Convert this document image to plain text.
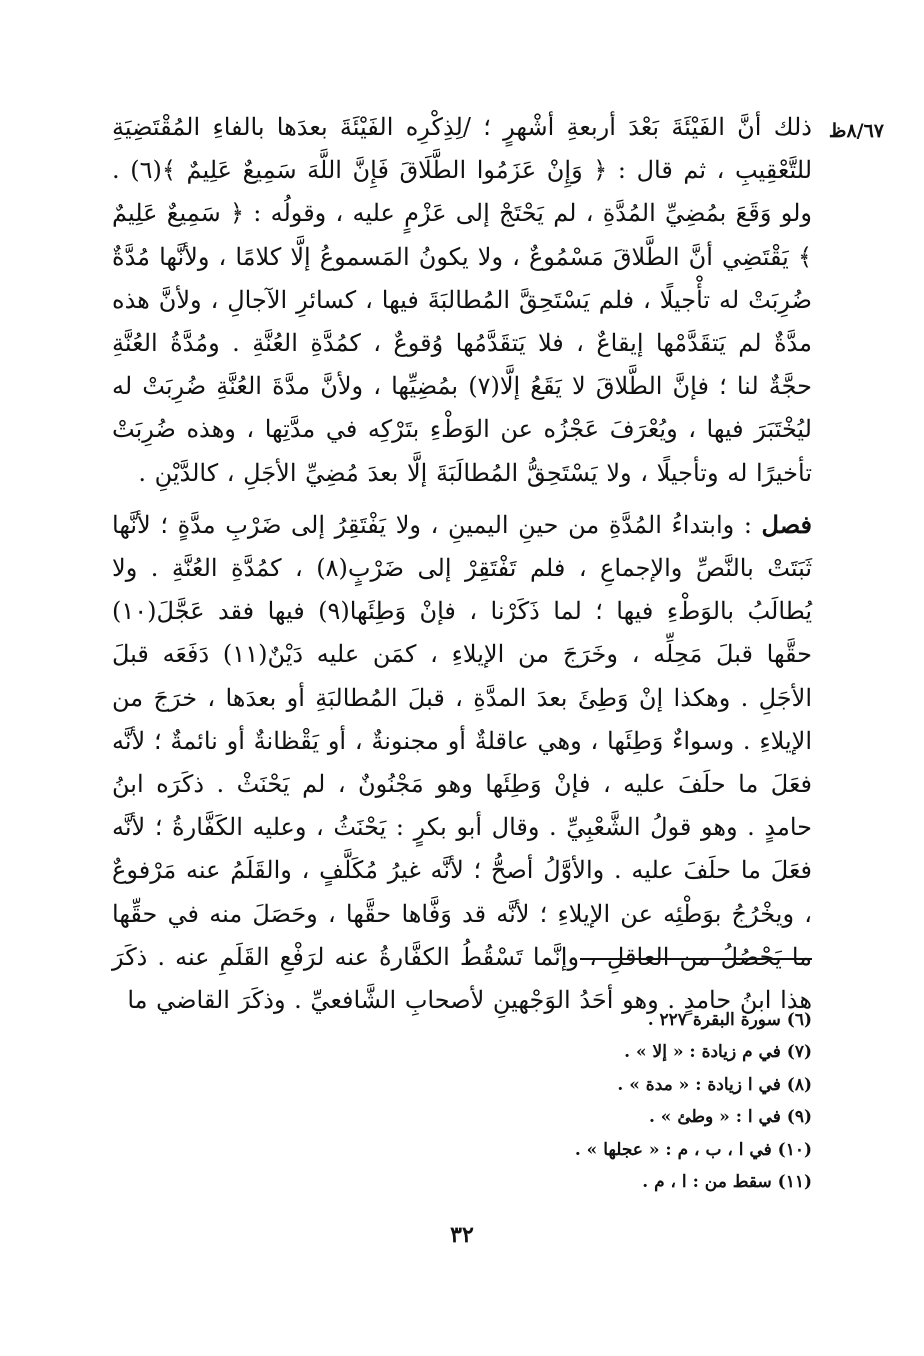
٨/٦٧ظ

ذلك أنَّ الفَيْئَةَ بَعْدَ أربعةِ أشْهرٍ ؛ /لِذِكْرِه الفَيْئَةَ بعدَها بالفاءِ المُقْتَضِيَةِ للتَّعْقِيبِ ، ثم قال : ﴿ وَإِنْ عَزَمُوا الطَّلَاقَ فَإِنَّ اللَّهَ سَمِيعٌ عَلِيمٌ ﴾(٦) . ولو وَقَعَ بمُضِيِّ المُدَّةِ ، لم يَحْتَجْ إلى عَزْمٍ عليه ، وقولُه : ﴿ سَمِيعٌ عَلِيمٌ ﴾ يَقْتَضِي أنَّ الطَّلاقَ مَسْمُوعٌ ، ولا يكونُ المَسموعُ إلَّا كلامًا ، ولأنَّها مُدَّةٌ ضُرِبَتْ له تأْجيلًا ، فلم يَسْتَحِقَّ المُطالبَةَ فيها ، كسائرِ الآجالِ ، ولأنَّ هذه مدَّةٌ لم يَتقَدَّمْها إيقاعٌ ، فلا يَتقَدَّمُها وُقوعٌ ، كمُدَّةِ العُنَّةِ . ومُدَّةُ العُنَّةِ حجَّةٌ لنا ؛ فإنَّ الطَّلاقَ لا يَقَعُ إلَّا(٧) بمُضِيِّها ، ولأنَّ مدَّةَ العُنَّةِ ضُرِبَتْ له ليُخْتَبَرَ فيها ، ويُعْرَفَ عَجْزُه عن الوَطْءِ بتَرْكِه في مدَّتِها ، وهذه ضُرِبَتْ تأخيرًا له وتأجيلًا ، ولا يَسْتَحِقُّ المُطالَبَةَ إلَّا بعدَ مُضِيِّ الأجَلِ ، كالدَّيْنِ .

فصل : وابتداءُ المُدَّةِ من حينِ اليمينِ ، ولا يَفْتَقِرُ إلى ضَرْبِ مدَّةٍ ؛ لأنَّها ثَبَتَتْ بالنَّصِّ والإجماعِ ، فلم تَفْتَقِرْ إلى ضَرْبٍ(٨) ، كمُدَّةِ العُنَّةِ . ولا يُطالَبُ بالوَطْءِ فيها ؛ لما ذَكَرْنا ، فإنْ وَطِئَها(٩) فيها فقد عَجَّلَ(١٠) حقَّها قبلَ مَحِلِّه ، وخَرَجَ من الإيلاءِ ، كمَن عليه دَيْنٌ(١١) دَفَعَه قبلَ الأجَلِ . وهكذا إنْ وَطِئَ بعدَ المدَّةِ ، قبلَ المُطالبَةِ أو بعدَها ، خرَجَ من الإيلاءِ . وسواءٌ وَطِئَها ، وهي عاقلةٌ أو مجنونةٌ ، أو يَقْظانةٌ أو نائمةٌ ؛ لأنَّه فعَلَ ما حلَفَ عليه ، فإنْ وَطِئَها وهو مَجْنُونٌ ، لم يَحْنَثْ . ذكَرَه ابنُ حامدٍ . وهو قولُ الشَّعْبِيِّ . وقال أبو بكرٍ : يَحْنَثُ ، وعليه الكَفَّارةُ ؛ لأنَّه فعَلَ ما حلَفَ عليه . والأوَّلُ أصحُّ ؛ لأنَّه غيرُ مُكَلَّفٍ ، والقَلَمُ عنه مَرْفوعٌ ، ويخْرُجُ بوَطْئِه عن الإيلاءِ ؛ لأنَّه قد وَفَّاها حقَّها ، وحَصَلَ منه في حقِّها ما يَحْصُلُ من العاقلِ ، وإنَّما تَسْقُطُ الكفَّارةُ عنه لرَفْعِ القَلَمِ عنه . ذكَرَ هذا ابنُ حامدٍ . وهو أحَدُ الوَجْهينِ لأصحابِ الشَّافعيِّ . وذكَرَ القاضي ما

(٦) سورة البقرة ٢٢٧ .

(٧) في م زيادة : « إلا » .

(٨) في ا زيادة : « مدة » .

(٩) في ا : « وطئ » .

(١٠) في ا ، ب ، م : « عجلها » .

(١١) سقط من : ا ، م .

٣٢
